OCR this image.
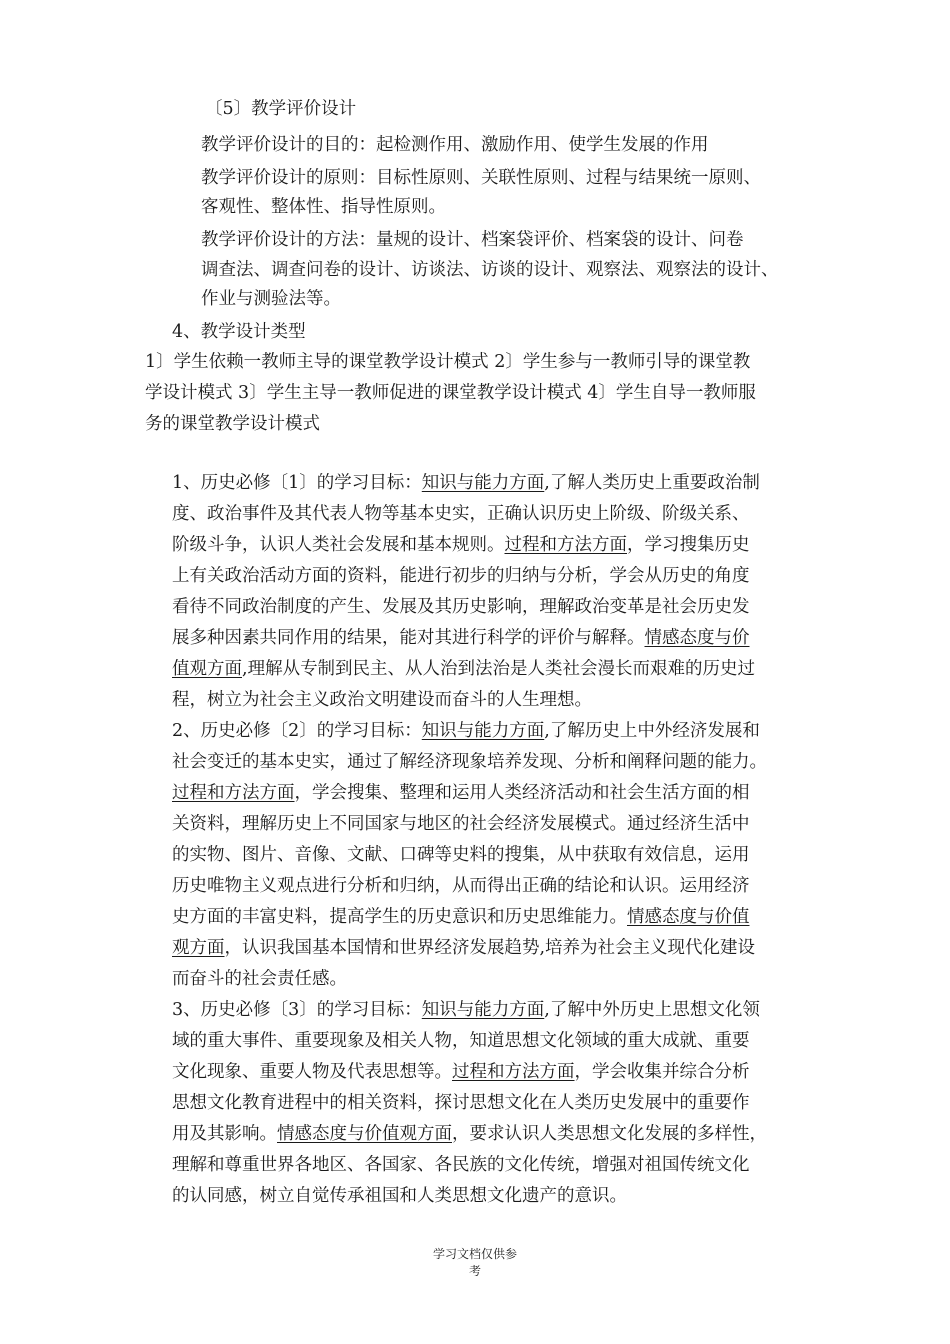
〔5〕教学评价设计
教学评价设计的目的：起检测作用、激励作用、使学生发展的作用
教学评价设计的原则：目标性原则、关联性原则、过程与结果统一原则、
客观性、整体性、指导性原则。
教学评价设计的方法：量规的设计、档案袋评价、档案袋的设计、问卷
调查法、调查问卷的设计、访谈法、访谈的设计、观察法、观察法的设计、
作业与测验法等。
4、教学设计类型
1〕学生依赖一教师主导的课堂教学设计模式 2〕学生参与一教师引导的课堂教
学设计模式 3〕学生主导一教师促进的课堂教学设计模式 4〕学生自导一教师服
务的课堂教学设计模式
1、历史必修〔1〕的学习目标：知识与能力方面,了解人类历史上重要政治制
度、政治事件及其代表人物等基本史实，正确认识历史上阶级、阶级关系、
阶级斗争，认识人类社会发展和基本规则。过程和方法方面，学习搜集历史
上有关政治活动方面的资料，能进行初步的归纳与分析，学会从历史的角度
看待不同政治制度的产生、发展及其历史影响，理解政治变革是社会历史发
展多种因素共同作用的结果，能对其进行科学的评价与解释。情感态度与价
值观方面,理解从专制到民主、从人治到法治是人类社会漫长而艰难的历史过
程，树立为社会主义政治文明建设而奋斗的人生理想。
2、历史必修〔2〕的学习目标：知识与能力方面,了解历史上中外经济发展和
社会变迁的基本史实，通过了解经济现象培养发现、分析和阐释问题的能力。
过程和方法方面，学会搜集、整理和运用人类经济活动和社会生活方面的相
关资料，理解历史上不同国家与地区的社会经济发展模式。通过经济生活中
的实物、图片、音像、文献、口碑等史料的搜集，从中获取有效信息，运用
历史唯物主义观点进行分析和归纳，从而得出正确的结论和认识。运用经济
史方面的丰富史料，提高学生的历史意识和历史思维能力。情感态度与价值
观方面，认识我国基本国情和世界经济发展趋势,培养为社会主义现代化建设
而奋斗的社会责任感。
3、历史必修〔3〕的学习目标：知识与能力方面,了解中外历史上思想文化领
域的重大事件、重要现象及相关人物，知道思想文化领域的重大成就、重要
文化现象、重要人物及代表思想等。过程和方法方面，学会收集并综合分析
思想文化教育进程中的相关资料，探讨思想文化在人类历史发展中的重要作
用及其影响。情感态度与价值观方面，要求认识人类思想文化发展的多样性，
理解和尊重世界各地区、各国家、各民族的文化传统，增强对祖国传统文化
的认同感，树立自觉传承祖国和人类思想文化遗产的意识。
学习文档仅供参
考
